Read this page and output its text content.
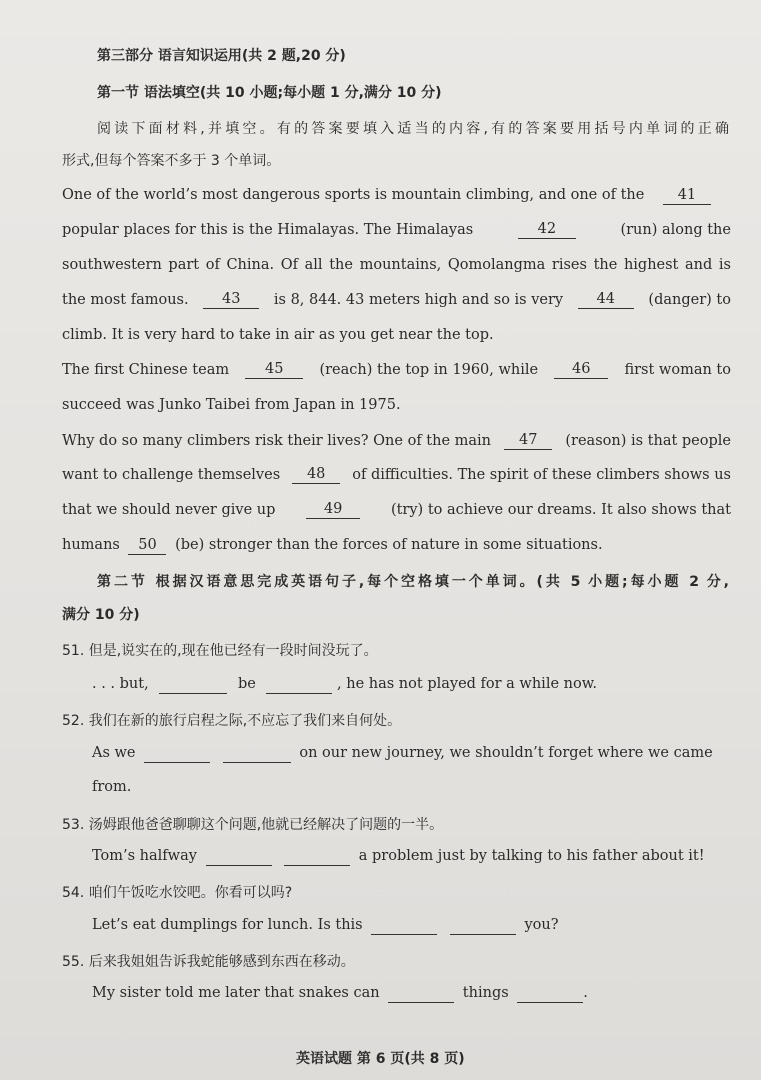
第三部分 语言知识运用(共 2 题,20 分)
第一节 语法填空(共 10 小题;每小题 1 分,满分 10 分)
阅读下面材料,并填空。有的答案要填入适当的内容,有的答案要用括号内单词的正确
形式,但每个答案不多于 3 个单词。
One of the world’s most dangerous sports is mountain climbing, and one of the 41
popular places for this is the Himalayas. The Himalayas	42	(run) along the
southwestern part of China. Of all the mountains, Qomolangma rises the highest and is
the most famous.	43	is 8, 844. 43 meters high and so is very	44	(danger) to
climb. It is very hard to take in air as you get near the top.
The first Chinese team	45	(reach) the top in 1960, while	46	first woman to
succeed was Junko Taibei from Japan in 1975.
Why do so many climbers risk their lives? One of the main	47	(reason) is that people
want to challenge themselves	48	of difficulties. The spirit of these climbers shows us
that we should never give up	49	(try) to achieve our dreams. It also shows that
humans 50 (be) stronger than the forces of nature in some situations.
第二节 根据汉语意思完成英语句子,每个空格填一个单词。(共 5 小题;每小题 2 分,
满分 10 分)
51. 但是,说实在的,现在他已经有一段时间没玩了。
. . . but,	be	, he has not played for a while now.
52. 我们在新的旅行启程之际,不应忘了我们来自何处。
As we	on our new journey, we shouldn’t forget where we came
from.
53. 汤姆跟他爸爸聊聊这个问题,他就已经解决了问题的一半。
Tom’s halfway	a problem just by talking to his father about it!
54. 咱们午饭吃水饺吧。你看可以吗?
Let’s eat dumplings for lunch. Is this	you?
55. 后来我姐姐告诉我蛇能够感到东西在移动。
My sister told me later that snakes can	things	.
英语试题 第 6 页(共 8 页)
